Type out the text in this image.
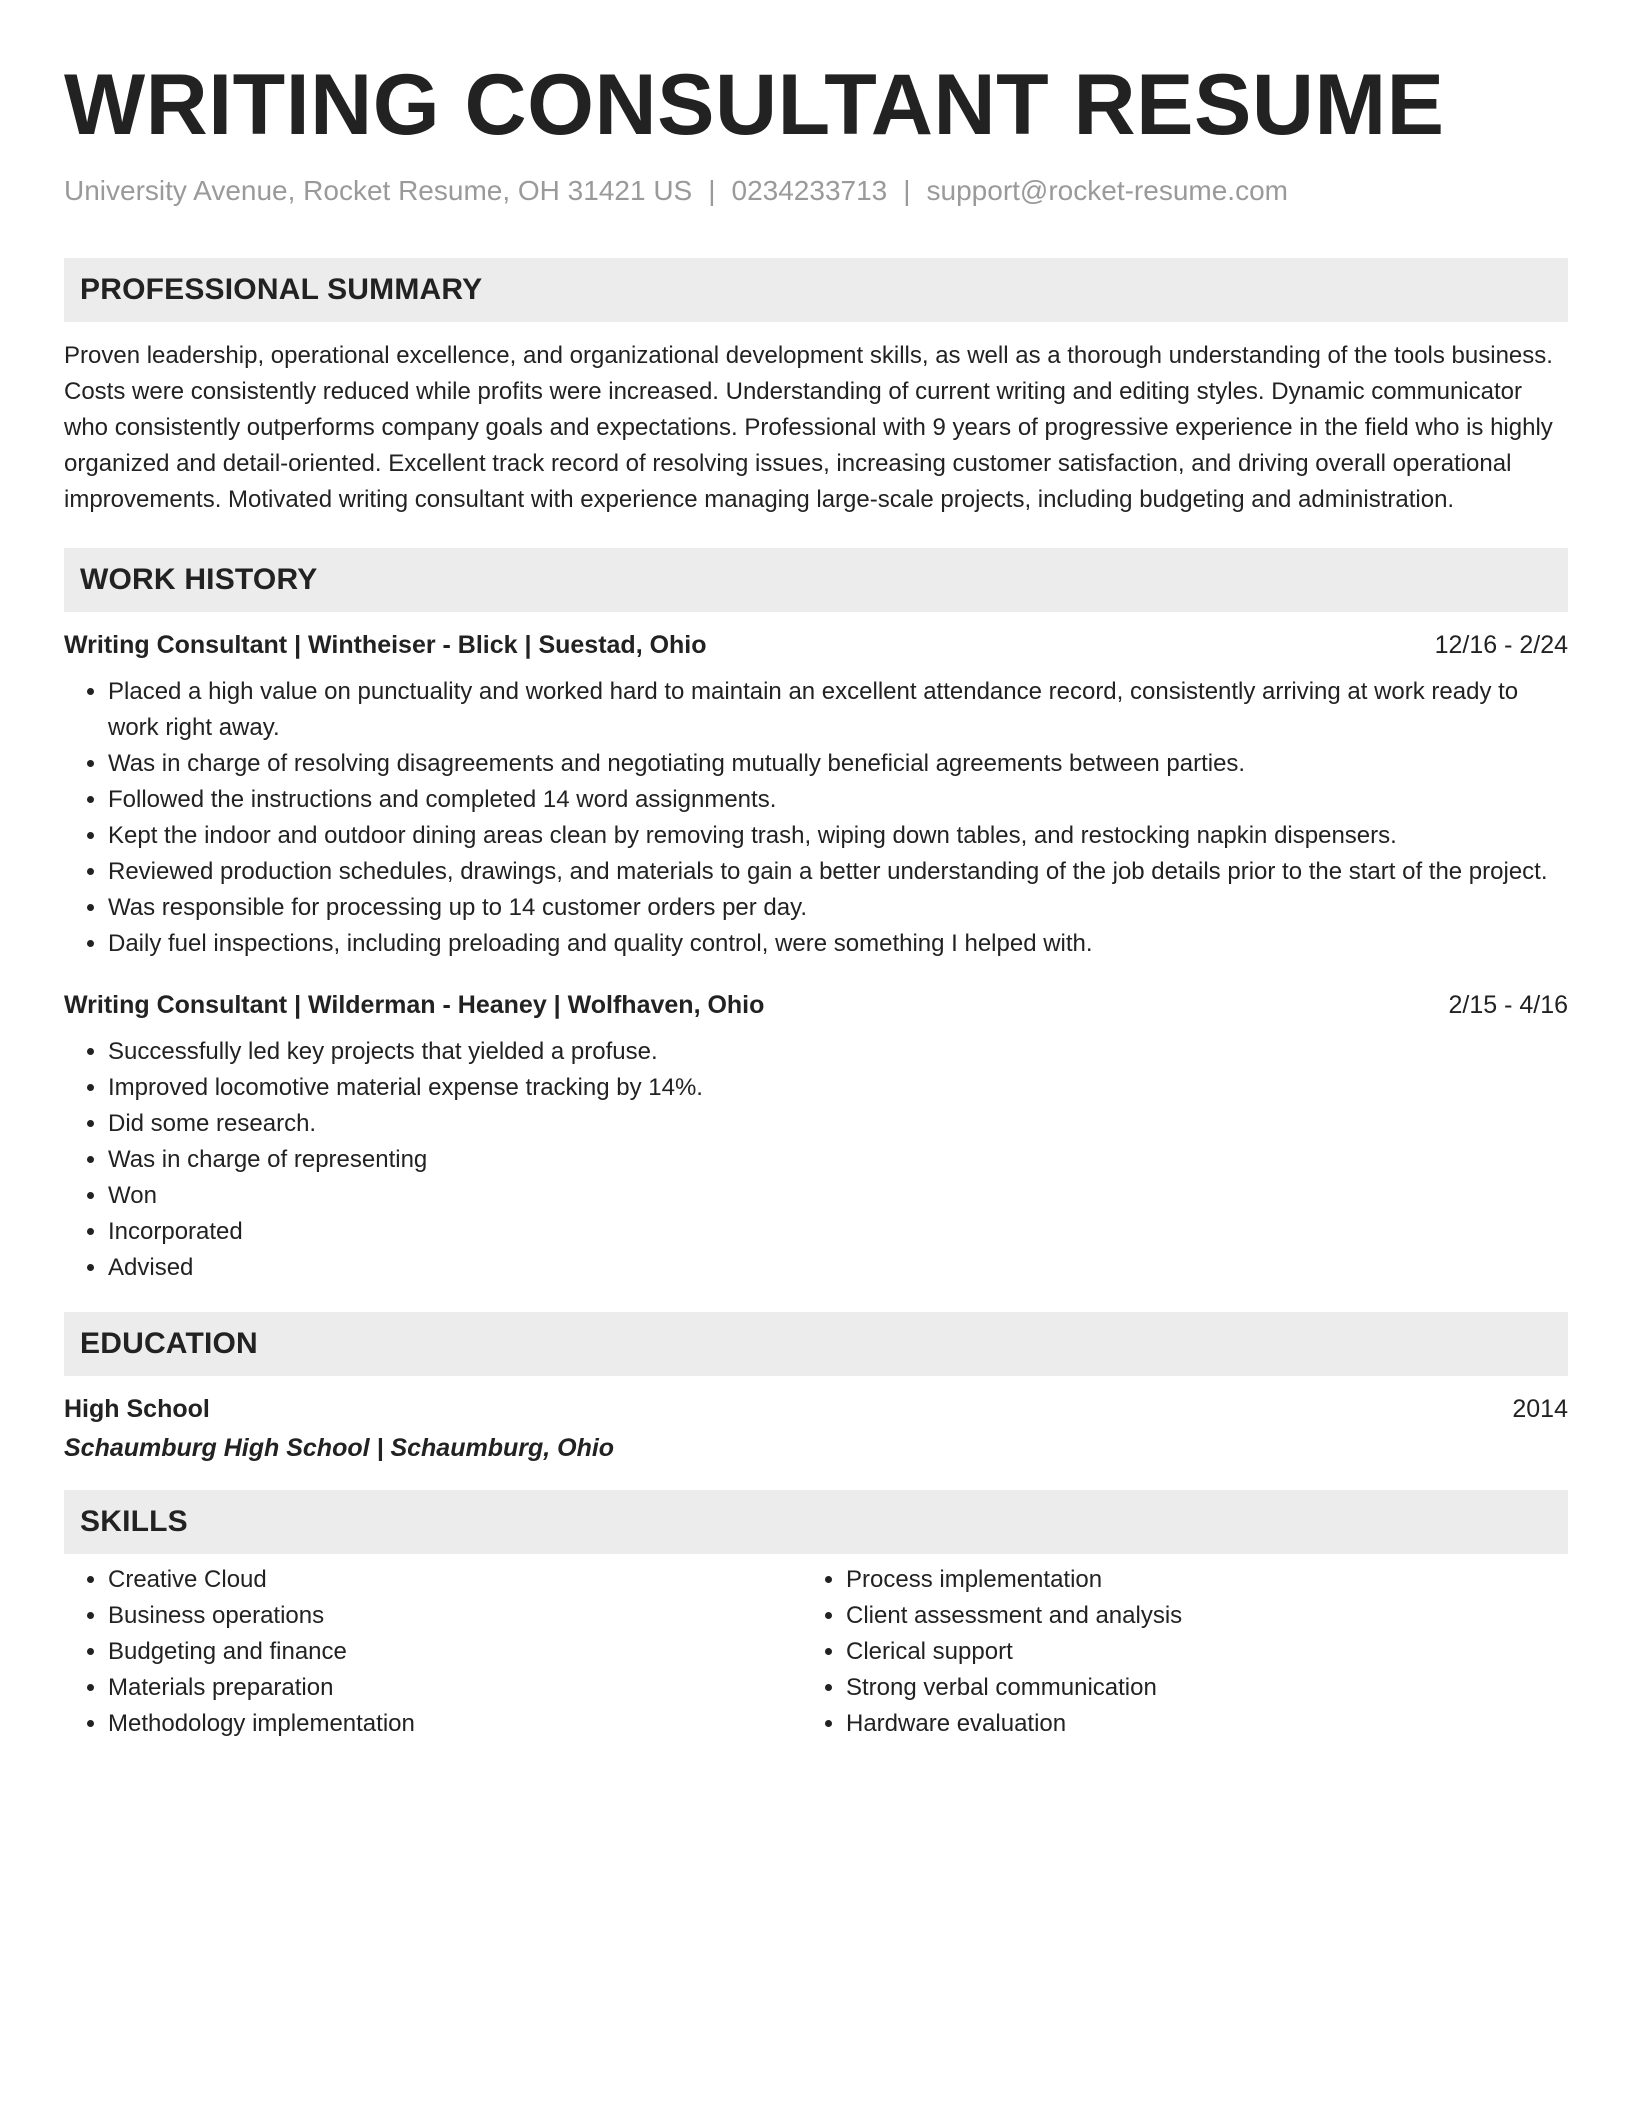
WRITING CONSULTANT RESUME
University Avenue, Rocket Resume, OH 31421 US | 0234233713 | support@rocket-resume.com
PROFESSIONAL SUMMARY

Proven leadership, operational excellence, and organizational development skills, as well as a thorough understanding of the tools business. Costs were consistently reduced while profits were increased. Understanding of current writing and editing styles. Dynamic communicator who consistently outperforms company goals and expectations. Professional with 9 years of progressive experience in the field who is highly organized and detail-oriented. Excellent track record of resolving issues, increasing customer satisfaction, and driving overall operational improvements. Motivated writing consultant with experience managing large-scale projects, including budgeting and administration.

WORK HISTORY
Writing Consultant | Wintheiser - Blick | Suestad, Ohio	12/16 - 2/24
• Placed a high value on punctuality and worked hard to maintain an excellent attendance record, consistently arriving at work ready to work right away.
• Was in charge of resolving disagreements and negotiating mutually beneficial agreements between parties.
• Followed the instructions and completed 14 word assignments.
• Kept the indoor and outdoor dining areas clean by removing trash, wiping down tables, and restocking napkin dispensers.
• Reviewed production schedules, drawings, and materials to gain a better understanding of the job details prior to the start of the project.
• Was responsible for processing up to 14 customer orders per day.
• Daily fuel inspections, including preloading and quality control, were something I helped with.
Writing Consultant | Wilderman - Heaney | Wolfhaven, Ohio	2/15 - 4/16
• Successfully led key projects that yielded a profuse.
• Improved locomotive material expense tracking by 14%.
• Did some research.
• Was in charge of representing
• Won
• Incorporated
• Advised
EDUCATION
High School	2014
Schaumburg High School | Schaumburg, Ohio
SKILLS
• Creative Cloud
• Business operations
• Budgeting and finance
• Materials preparation
• Methodology implementation
• Process implementation
• Client assessment and analysis
• Clerical support
• Strong verbal communication
• Hardware evaluation
